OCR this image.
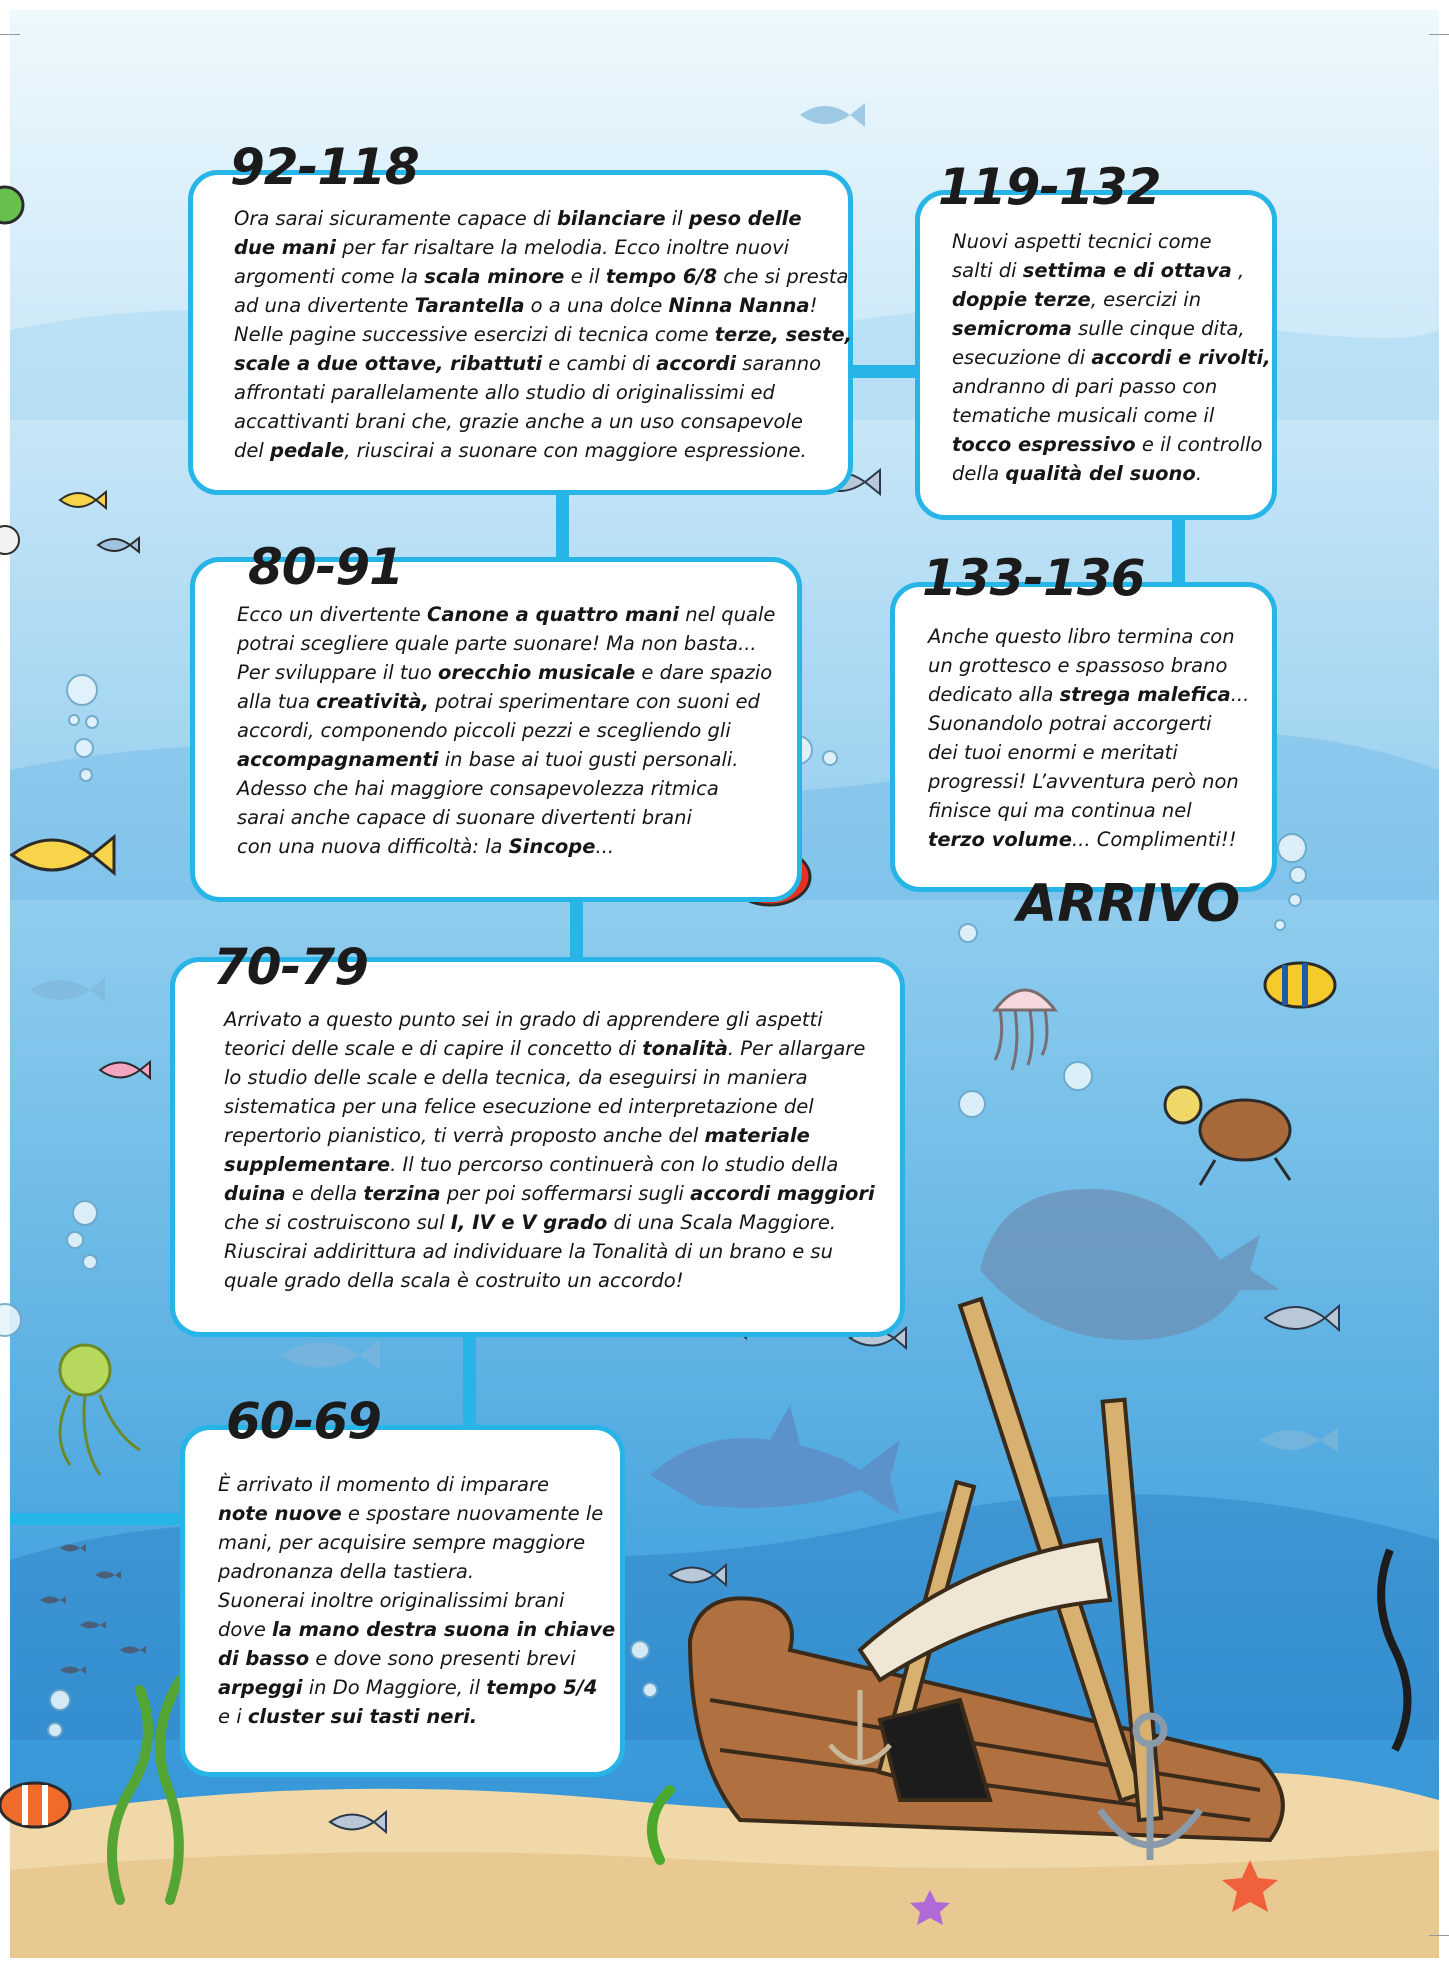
92-118
Ora sarai sicuramente capace di bilanciare il peso delle
due mani per far risaltare la melodia. Ecco inoltre nuovi
argomenti come la scala minore e il tempo 6/8 che si presta
ad una divertente Tarantella o a una dolce Ninna Nanna!
Nelle pagine successive esercizi di tecnica come terze, seste,
scale a due ottave, ribattuti e cambi di accordi saranno
affrontati parallelamente allo studio di originalissimi ed
accattivanti brani che, grazie anche a un uso consapevole
del pedale, riuscirai a suonare con maggiore espressione.
119-132
Nuovi aspetti tecnici come
salti di settima e di ottava ,
doppie terze, esercizi in
semicroma sulle cinque dita,
esecuzione di accordi e rivolti,
andranno di pari passo con
tematiche musicali come il
tocco espressivo e il controllo
della qualità del suono.
80-91
Ecco un divertente Canone a quattro mani nel quale
potrai scegliere quale parte suonare! Ma non basta...
Per sviluppare il tuo orecchio musicale e dare spazio
alla tua creatività, potrai sperimentare con suoni ed
accordi, componendo piccoli pezzi e scegliendo gli
accompagnamenti in base ai tuoi gusti personali.
Adesso che hai maggiore consapevolezza ritmica
sarai anche capace di suonare divertenti brani
con una nuova difficoltà: la Sincope...
133-136
Anche questo libro termina con
un grottesco e spassoso brano
dedicato alla strega malefica...
Suonandolo potrai accorgerti
dei tuoi enormi e meritati
progressi! L’avventura però non
finisce qui ma continua nel
terzo volume... Complimenti!!
ARRIVO
70-79
Arrivato a questo punto sei in grado di apprendere gli aspetti
teorici delle scale e di capire il concetto di tonalità. Per allargare
lo studio delle scale e della tecnica, da eseguirsi in maniera
sistematica per una felice esecuzione ed interpretazione del
repertorio pianistico, ti verrà proposto anche del materiale
supplementare. Il tuo percorso continuerà con lo studio della
duina e della terzina per poi soffermarsi sugli accordi maggiori
che si costruiscono sul I, IV e V grado di una Scala Maggiore.
Riuscirai addirittura ad individuare la Tonalità di un brano e su
quale grado della scala è costruito un accordo!
60-69
È arrivato il momento di imparare
note nuove e spostare nuovamente le
mani, per acquisire sempre maggiore
padronanza della tastiera.
Suonerai inoltre originalissimi brani
dove la mano destra suona in chiave
di basso e dove sono presenti brevi
arpeggi in Do Maggiore, il tempo 5/4
e i cluster sui tasti neri.
